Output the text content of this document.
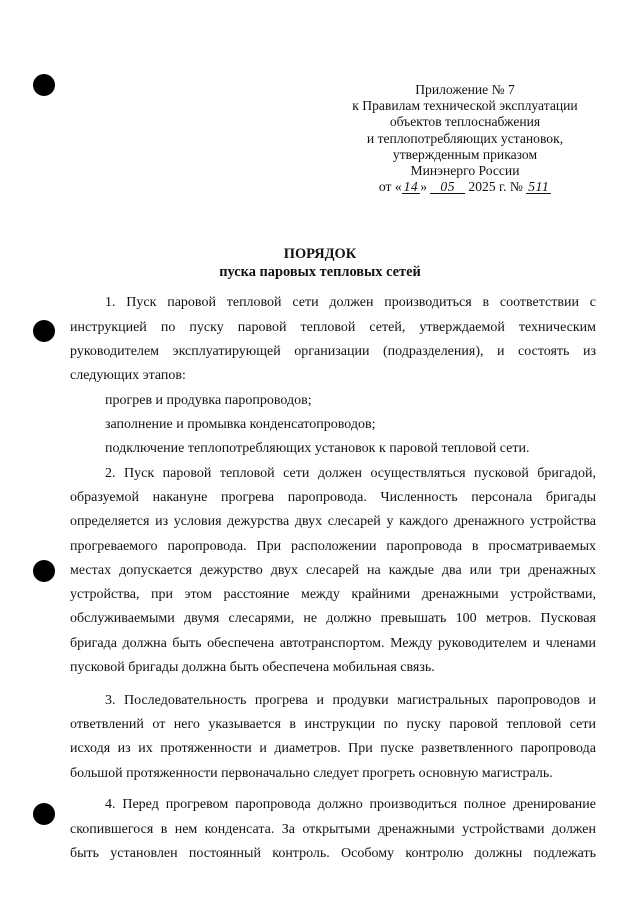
Приложение № 7
к Правилам технической эксплуатации
объектов теплоснабжения
и теплопотребляющих установок,
утвержденным приказом
Минэнерго России
от « 14 » 05 2025 г. № 511
ПОРЯДОК
пуска паровых тепловых сетей
1. Пуск паровой тепловой сети должен производиться в соответствии с
инструкцией по пуску паровой тепловой сетей, утверждаемой техническим
руководителем эксплуатирующей организации (подразделения), и состоять из
следующих этапов:
прогрев и продувка паропроводов;
заполнение и промывка конденсатопроводов;
подключение теплопотребляющих установок к паровой тепловой сети.
2. Пуск паровой тепловой сети должен осуществляться пусковой бригадой,
образуемой накануне прогрева паропровода. Численность персонала бригады
определяется из условия дежурства двух слесарей у каждого дренажного устройства
прогреваемого паропровода. При расположении паропровода в просматриваемых
местах допускается дежурство двух слесарей на каждые два или три дренажных
устройства, при этом расстояние между крайними дренажными устройствами,
обслуживаемыми двумя слесарями, не должно превышать 100 метров. Пусковая
бригада должна быть обеспечена автотранспортом. Между руководителем и членами
пусковой бригады должна быть обеспечена мобильная связь.
3. Последовательность прогрева и продувки магистральных паропроводов и
ответвлений от него указывается в инструкции по пуску паровой тепловой сети
исходя из их протяженности и диаметров. При пуске разветвленного паропровода
большой протяженности первоначально следует прогреть основную магистраль.
4. Перед прогревом паропровода должно производиться полное дренирование
скопившегося в нем конденсата. За открытыми дренажными устройствами должен
быть установлен постоянный контроль. Особому контролю должны подлежать
